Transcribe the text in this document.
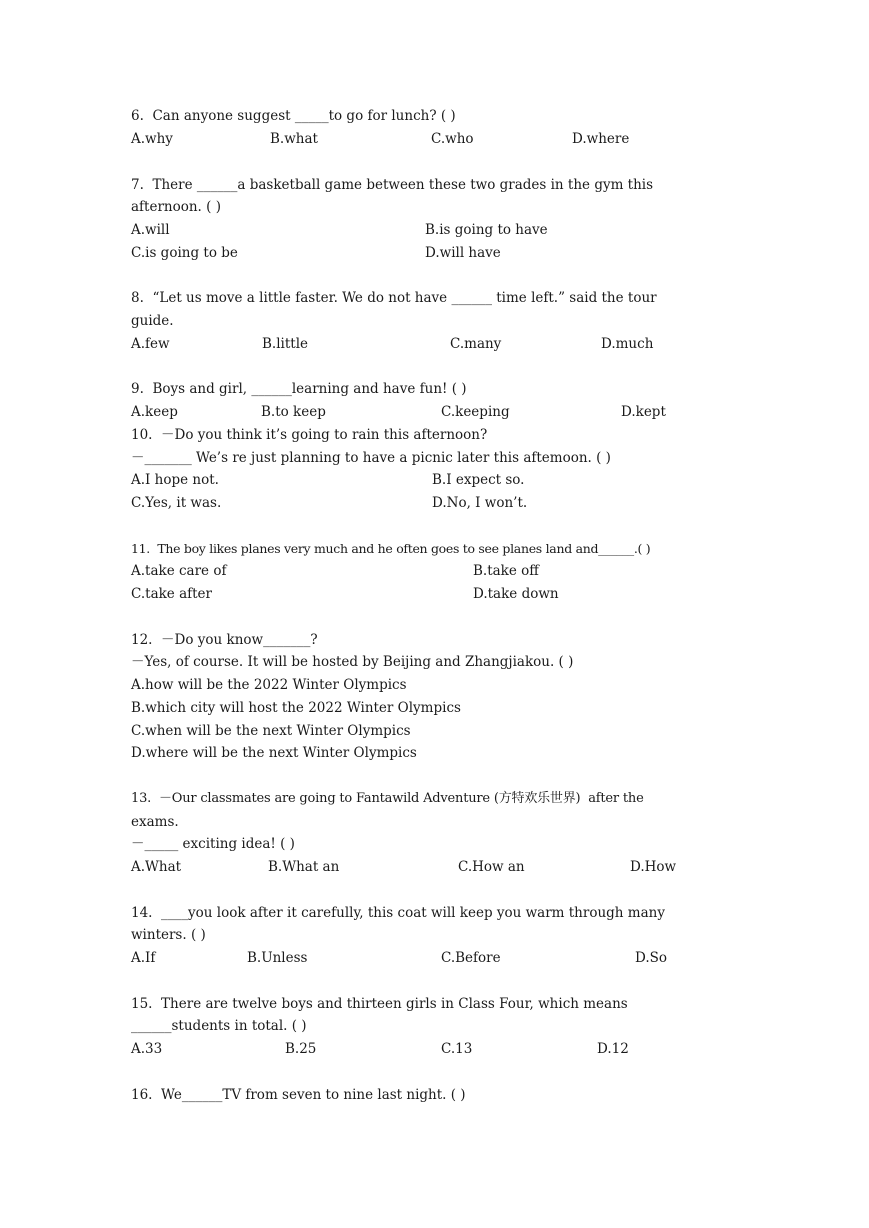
6.  Can anyone suggest _____to go for lunch? ( )
A.why	B.what	C.who	D.where
7.  There ______a basketball game between these two grades in the gym this
afternoon. ( )
A.will	B.is going to have
C.is going to be	D.will have
8.  “Let us move a little faster. We do not have ______ time left.” said the tour
guide.
A.few	B.little	C.many	D.much
9.  Boys and girl, ______learning and have fun! ( )
A.keep	B.to keep	C.keeping	D.kept
10.  －Do you think it’s going to rain this afternoon?
－_______ We’s re just planning to have a picnic later this aftemoon. ( )
A.I hope not.	B.I expect so.
C.Yes, it was.	D.No, I won’t.
11.  The boy likes planes very much and he often goes to see planes land and______.( )
A.take care of	B.take off
C.take after	D.take down
12.  －Do you know_______?
－Yes, of course. It will be hosted by Beijing and Zhangjiakou. ( )
A.how will be the 2022 Winter Olympics
B.which city will host the 2022 Winter Olympics
C.when will be the next Winter Olympics
D.where will be the next Winter Olympics
13.  －Our classmates are going to Fantawild Adventure (方特欢乐世界)  after the
exams.
－_____ exciting idea! ( )
A.What	B.What an	C.How an	D.How
14.  ____you look after it carefully, this coat will keep you warm through many
winters. ( )
A.If	B.Unless	C.Before	D.So
15.  There are twelve boys and thirteen girls in Class Four, which means
______students in total. ( )
A.33	B.25	C.13	D.12
16.  We______TV from seven to nine last night. ( )
